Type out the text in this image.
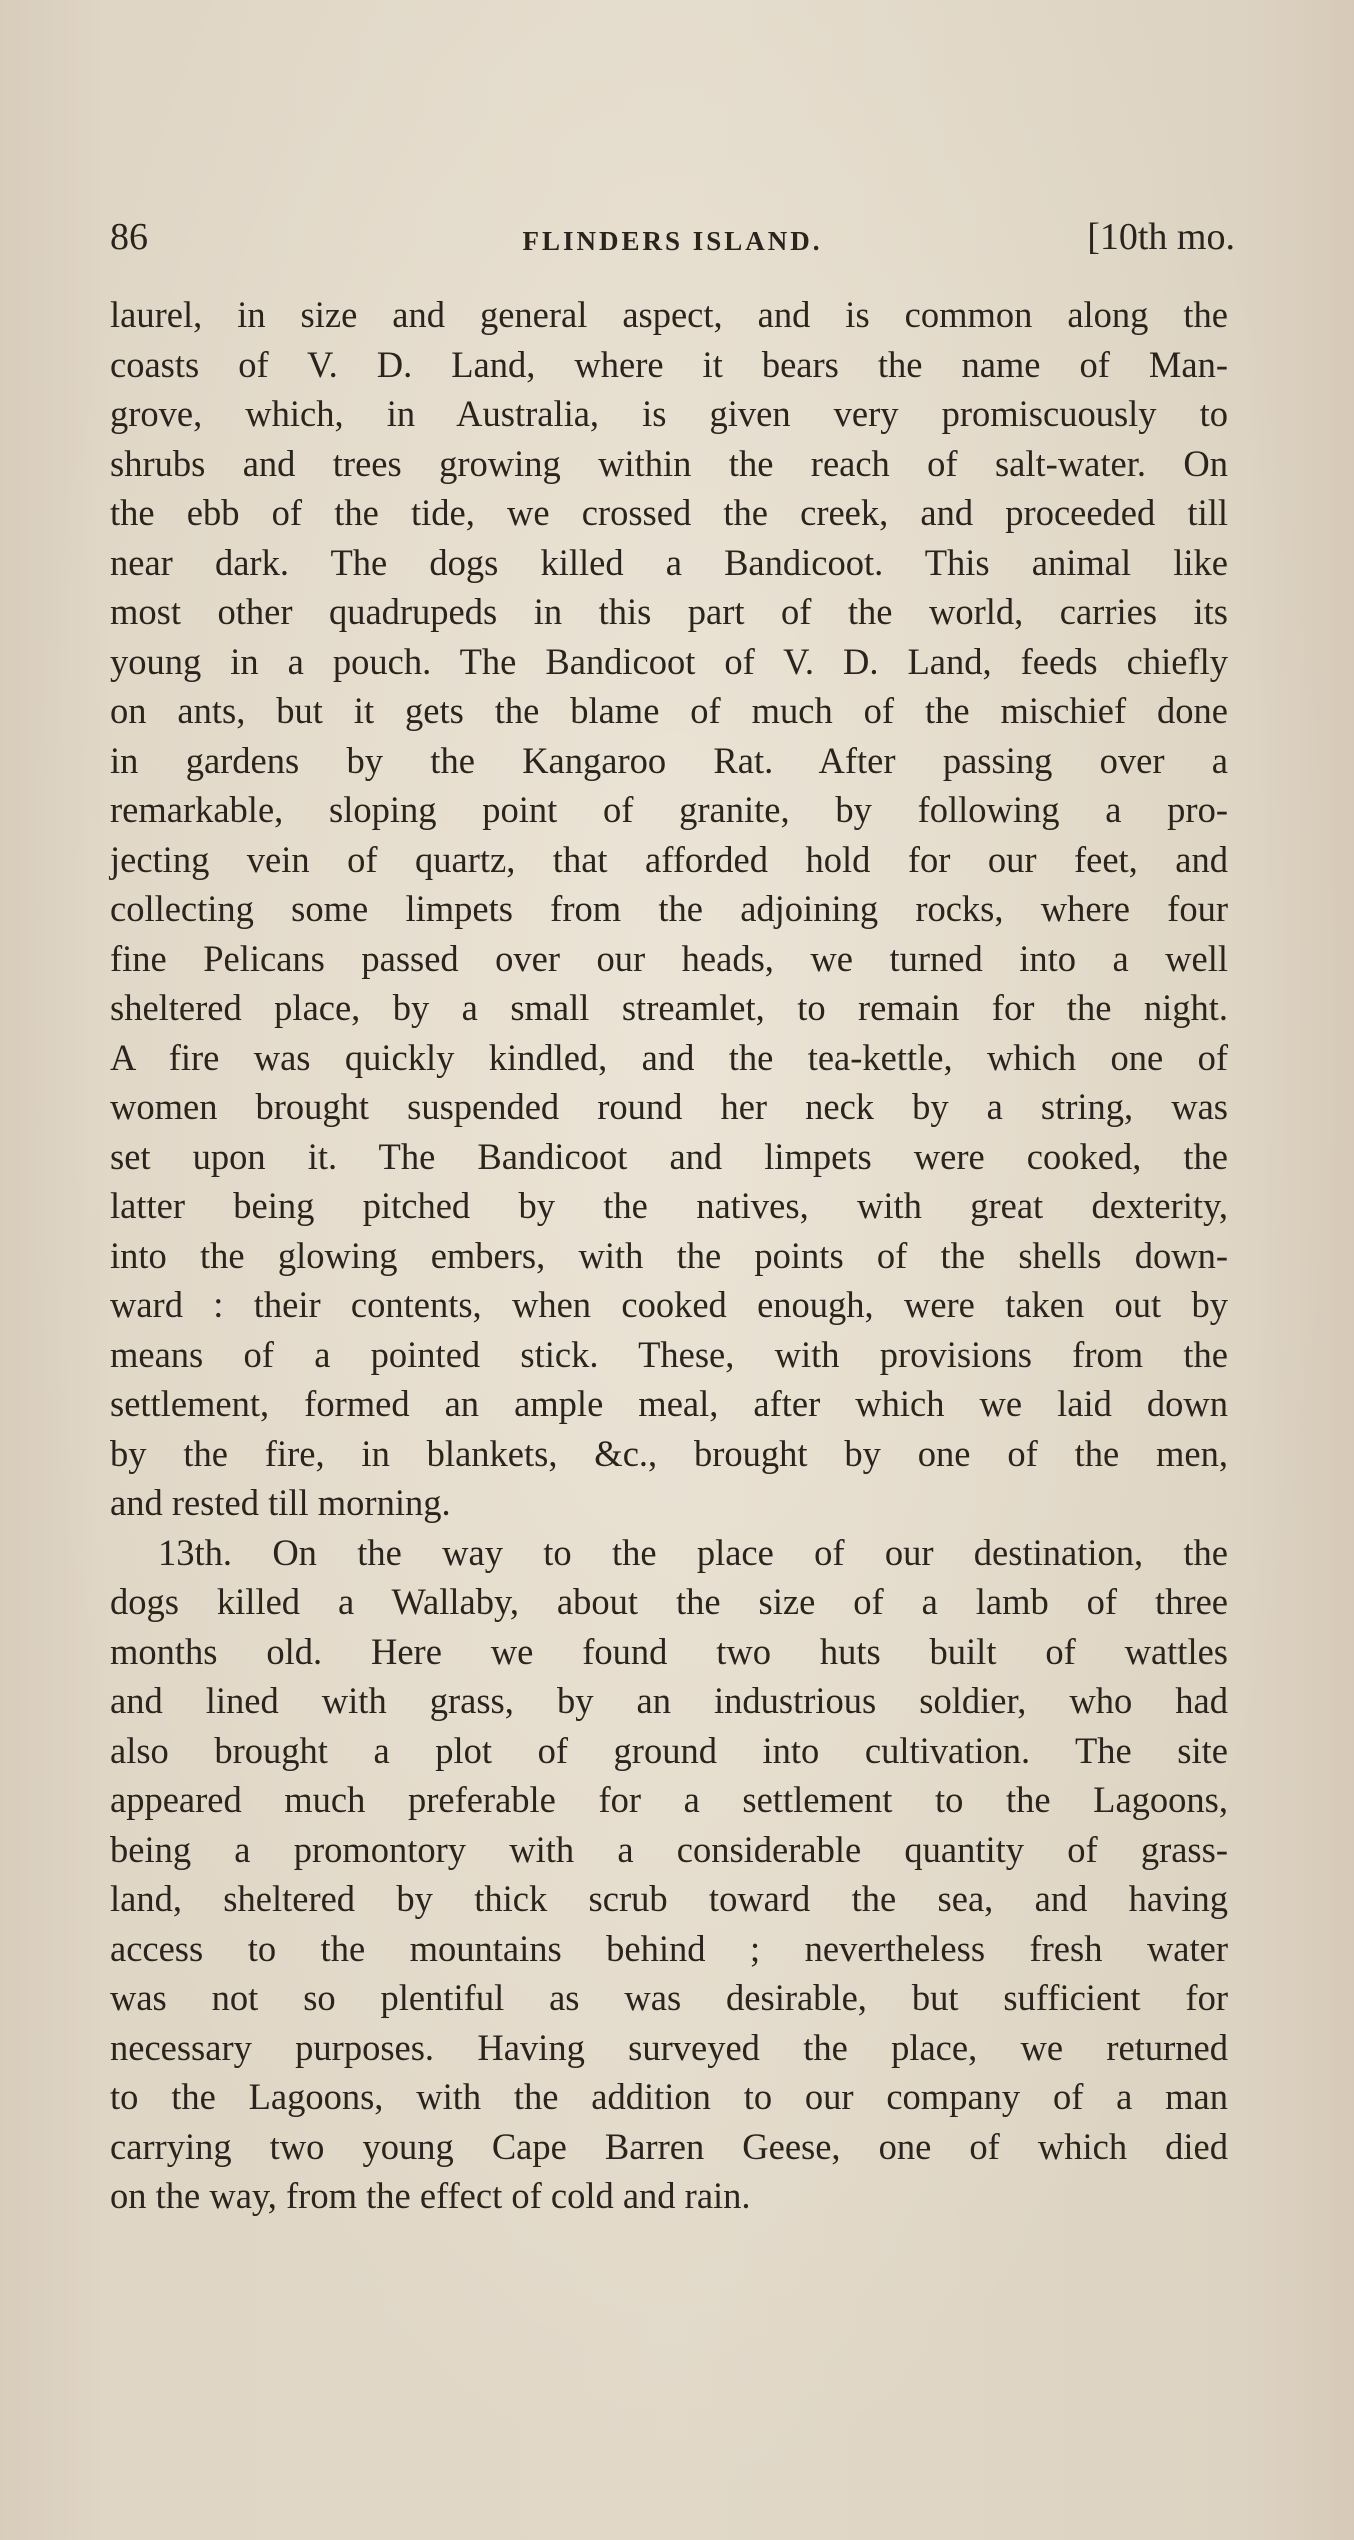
86	FLINDERS ISLAND.	[10th mo.
laurel, in size and general aspect, and is common along the
coasts of V. D. Land, where it bears the name of Man-
grove, which, in Australia, is given very promiscuously to
shrubs and trees growing within the reach of salt-water. On
the ebb of the tide, we crossed the creek, and proceeded till
near dark. The dogs killed a Bandicoot. This animal like
most other quadrupeds in this part of the world, carries its
young in a pouch. The Bandicoot of V. D. Land, feeds chiefly
on ants, but it gets the blame of much of the mischief done
in gardens by the Kangaroo Rat. After passing over a
remarkable, sloping point of granite, by following a pro-
jecting vein of quartz, that afforded hold for our feet, and
collecting some limpets from the adjoining rocks, where four
fine Pelicans passed over our heads, we turned into a well
sheltered place, by a small streamlet, to remain for the night.
A fire was quickly kindled, and the tea-kettle, which one of
women brought suspended round her neck by a string, was
set upon it. The Bandicoot and limpets were cooked, the
latter being pitched by the natives, with great dexterity,
into the glowing embers, with the points of the shells down-
ward : their contents, when cooked enough, were taken out by
means of a pointed stick. These, with provisions from the
settlement, formed an ample meal, after which we laid down
by the fire, in blankets, &c., brought by one of the men,
and rested till morning.
13th. On the way to the place of our destination, the
dogs killed a Wallaby, about the size of a lamb of three
months old. Here we found two huts built of wattles
and lined with grass, by an industrious soldier, who had
also brought a plot of ground into cultivation. The site
appeared much preferable for a settlement to the Lagoons,
being a promontory with a considerable quantity of grass-
land, sheltered by thick scrub toward the sea, and having
access to the mountains behind ; nevertheless fresh water
was not so plentiful as was desirable, but sufficient for
necessary purposes. Having surveyed the place, we returned
to the Lagoons, with the addition to our company of a man
carrying two young Cape Barren Geese, one of which died
on the way, from the effect of cold and rain.
